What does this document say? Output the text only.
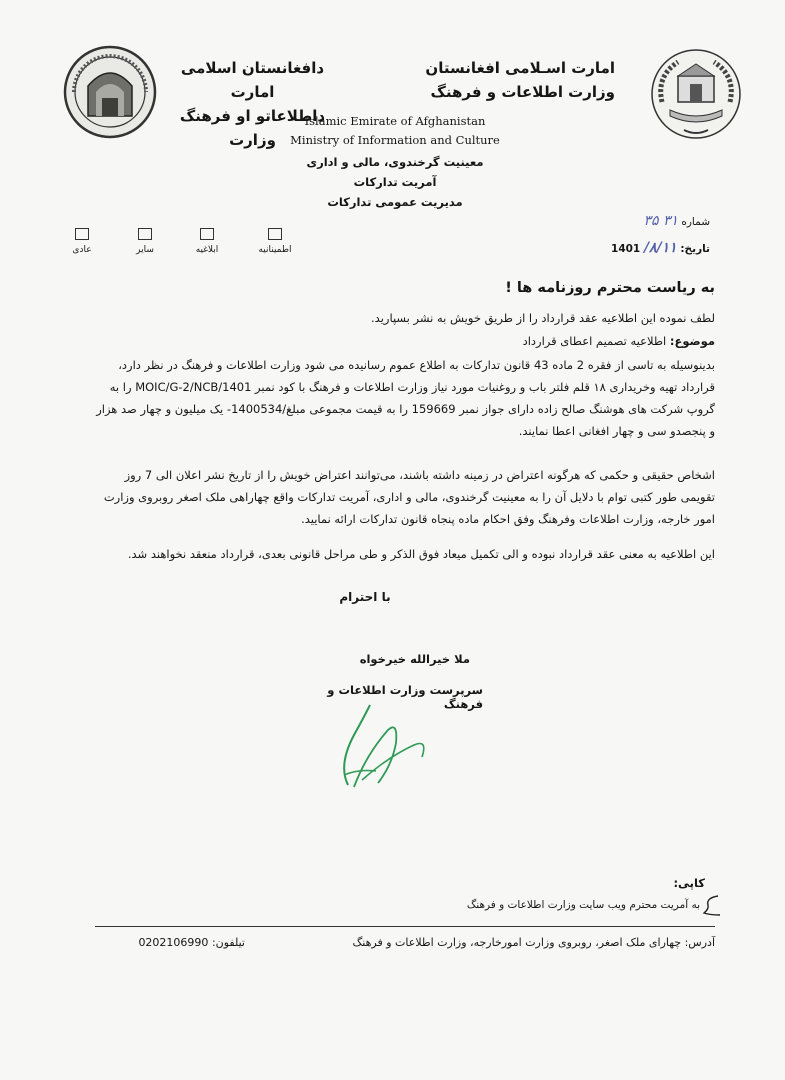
دافغانستان اسلامی امارت
داطلاعاتو او فرهنگ وزارت
امارت اسـلامی افغانستان
وزارت اطلاعات و فرهنگ
Islamic Emirate of Afghanistan
Ministry of Information and Culture
معینیت گرخندوی، مالی و اداری
آمریت تدارکات
مدیریت عمومی تدارکات
شماره ۳۱ ۳۵
تاریخ: ۸/۱۱/ 1401
اطمینانیه
ابلاغیه
سایر
عادی
به ریاست محترم روزنامه ها !
لطف نموده این اطلاعیه عقد قرارداد را از طریق خویش به نشر بسپارید.
موضوع: اطلاعیه تصمیم اعطای قرارداد
بدینوسیله به تاسی از فقره 2 ماده 43 قانون تدارکات به اطلاع عموم رسانیده می شود وزارت اطلاعات و فرهنگ در نظر دارد، قرارداد تهیه وخریداری ۱۸ قلم فلتر باب و روغنیات مورد نیاز وزارت اطلاعات و فرهنگ با کود نمبر MOIC/G-2/NCB/1401 را به گروپ شرکت های هوشنگ صالح زاده دارای جواز نمبر 159669 را به قیمت مجموعی مبلغ/1400534- یک میلیون و چهار صد هزار و پنجصدو سی و چهار افغانی اعطا نمایند.
اشخاص حقیقی و حکمی که هرگونه اعتراض در زمینه داشته باشند، می‌توانند اعتراض خویش را از تاریخ نشر اعلان الی 7 روز تقویمی طور کتبی توام با دلایل آن را به معینیت گرخندوی، مالی و اداری، آمریت تدارکات واقع چهاراهی ملک اصغر روبروی وزارت امور خارجه، وزارت اطلاعات وفرهنگ وفق احکام ماده پنجاه قانون تدارکات ارائه نمایید.
این اطلاعیه به معنی عقد قرارداد نبوده و الی تکمیل میعاد فوق الذکر و طی مراحل قانونی بعدی، قرارداد منعقد نخواهند شد.
با احترام
ملا خیرالله خیرخواه
سرپرست وزارت اطلاعات و فرهنگ
کاپی:
به آمریت محترم ویب سایت وزارت اطلاعات و فرهنگ
آدرس: چهارای ملک اصغر، روبروی وزارت امورخارجه، وزارت اطلاعات و فرهنگ
تیلفون: 0202106990
